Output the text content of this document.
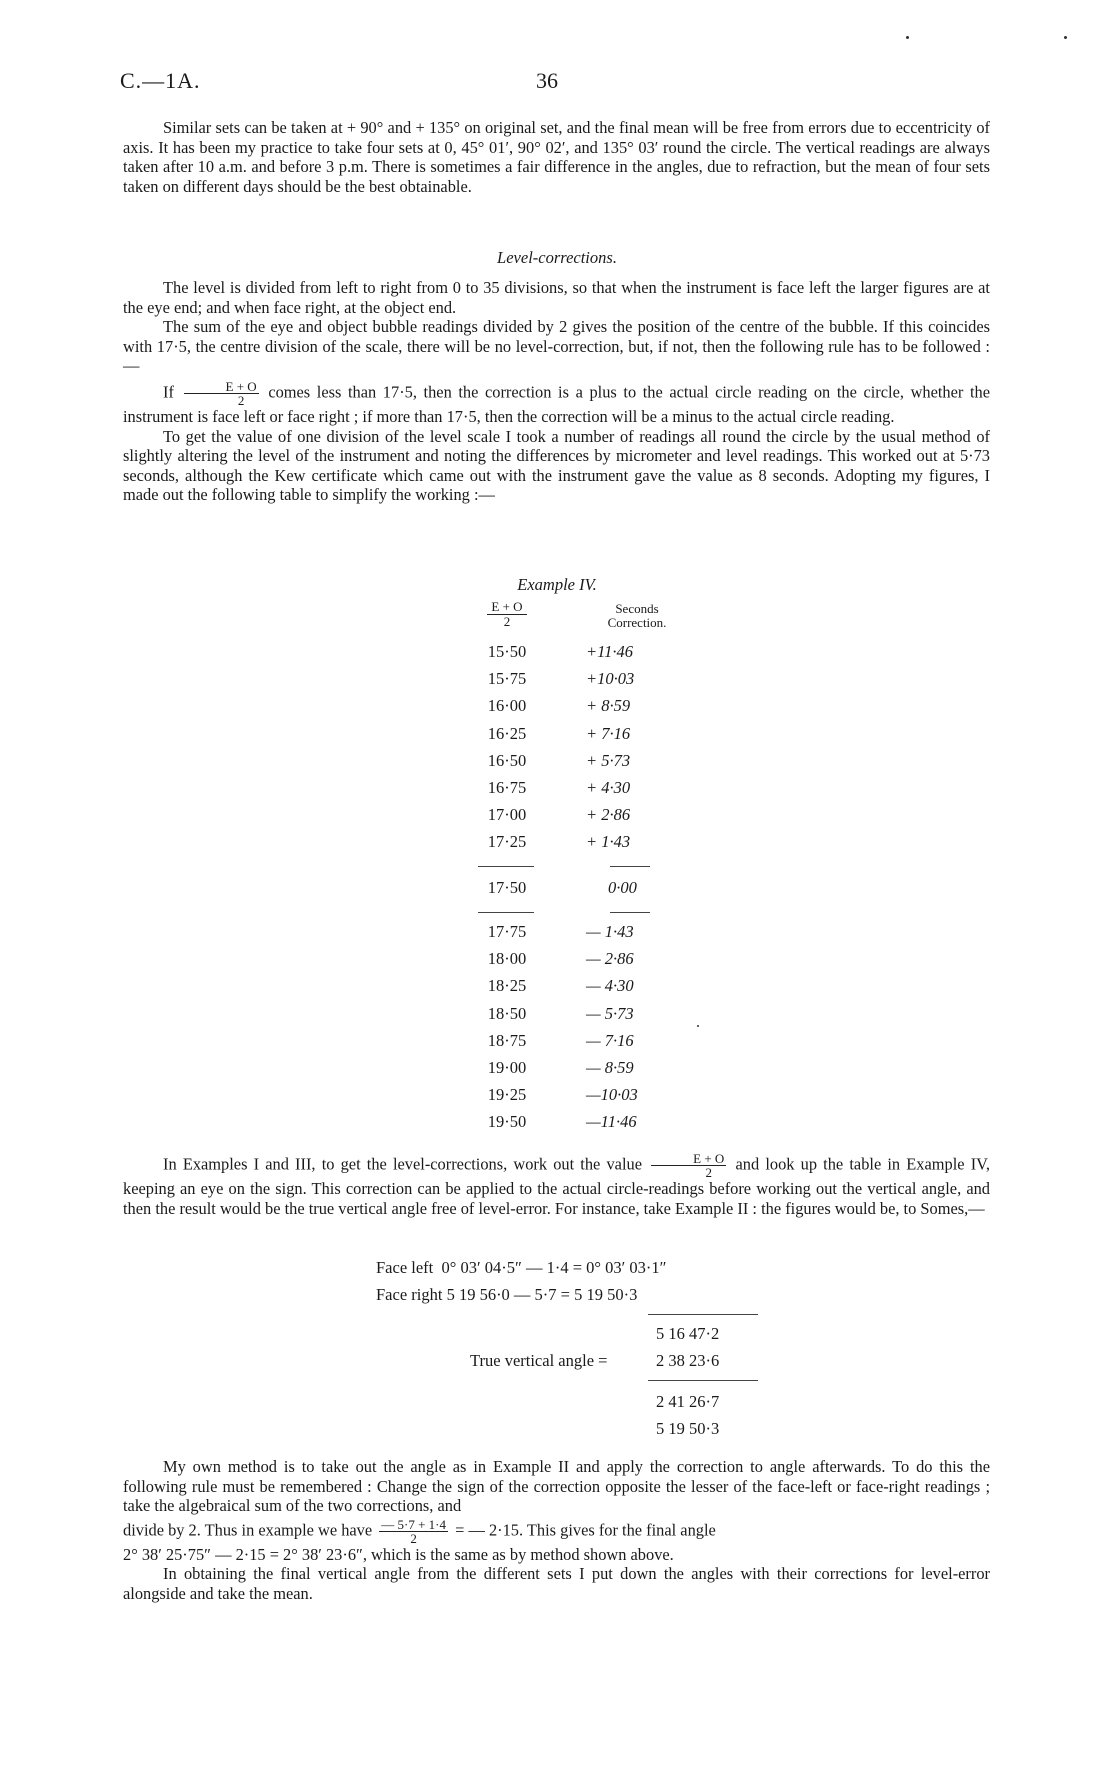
C.—1A.	36

Similar sets can be taken at + 90° and + 135° on original set, and the final mean will be free from errors due to eccentricity of axis. It has been my practice to take four sets at 0, 45° 01′, 90° 02′, and 135° 03′ round the circle. The vertical readings are always taken after 10 a.m. and before 3 p.m. There is sometimes a fair difference in the angles, due to refraction, but the mean of four sets taken on different days should be the best obtainable.

Level-corrections.

The level is divided from left to right from 0 to 35 divisions, so that when the instrument is face left the larger figures are at the eye end; and when face right, at the object end.

The sum of the eye and object bubble readings divided by 2 gives the position of the centre of the bubble. If this coincides with 17·5, the centre division of the scale, there will be no level-correction, but, if not, then the following rule has to be followed :—

If $\frac{E + O}{2}$ comes less than 17·5, then the correction is a plus to the actual circle reading on the circle, whether the instrument is face left or face right ; if more than 17·5, then the correction will be a minus to the actual circle reading.

To get the value of one division of the level scale I took a number of readings all round the circle by the usual method of slightly altering the level of the instrument and noting the differences by micrometer and level readings. This worked out at 5·73 seconds, although the Kew certificate which came out with the instrument gave the value as 8 seconds. Adopting my figures, I made out the following table to simplify the working :—

Example IV.
E + O
2
Seconds
Correction.
15·50	+11·46
15·75	+10·03
16·00	+ 8·59
16·25	+ 7·16
16·50	+ 5·73
16·75	+ 4·30
17·00	+ 2·86
17·25	+ 1·43
17·50	0·00
17·75	— 1·43
18·00	— 2·86
18·25	— 4·30
18·50	— 5·73
18·75	— 7·16
19·00	— 8·59
19·25	—10·03
19·50	—11·46

In Examples I and III, to get the level-corrections, work out the value $\frac{E + O}{2}$ and look up the table in Example IV, keeping an eye on the sign. This correction can be applied to the actual circle-readings before working out the vertical angle, and then the result would be the true vertical angle free of level-error. For instance, take Example II : the figures would be, to Somes,—

Face left 0° 03′ 04·5″ — 1·4 = 0° 03′ 03·1″
Face right 5 19 56·0 — 5·7 = 5 19 50·3
5 16 47·2
True vertical angle =	2 38 23·6
2 41 26·7
5 19 50·3

My own method is to take out the angle as in Example II and apply the correction to angle afterwards. To do this the following rule must be remembered : Change the sign of the correction opposite the lesser of the face-left or face-right readings ; take the algebraical sum of the two corrections, and

divide by 2. Thus in example we have $\frac{— 5\cdot 7 + 1\cdot 4}{2}$ = — 2·15. This gives for the final angle

2° 38′ 25·75″ — 2·15 = 2° 38′ 23·6″, which is the same as by method shown above.

In obtaining the final vertical angle from the different sets I put down the angles with their corrections for level-error alongside and take the mean.
